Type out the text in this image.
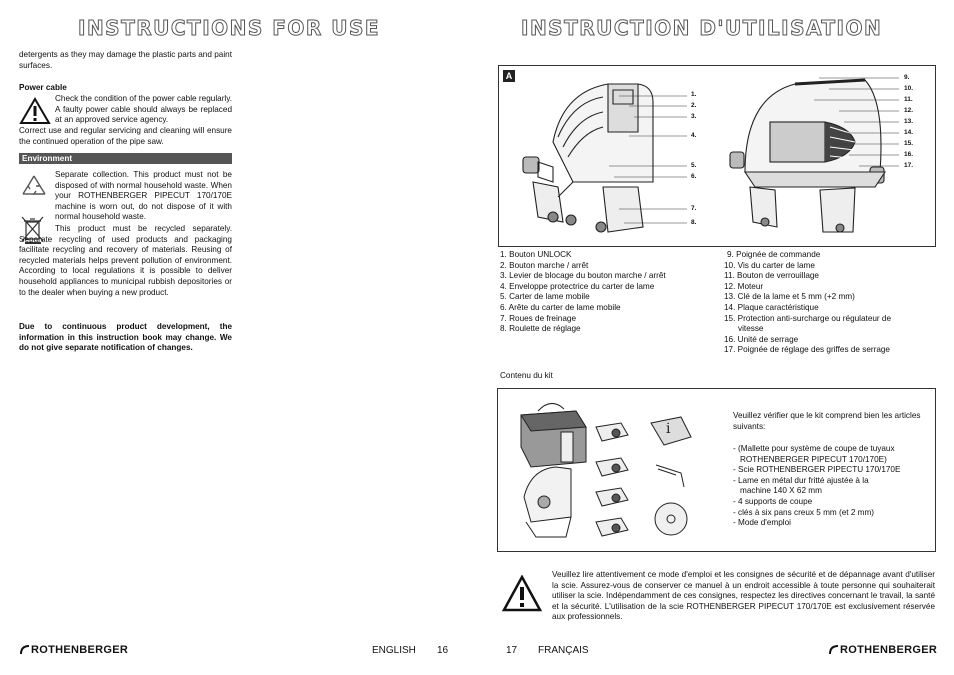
INSTRUCTIONS FOR USE
detergents as they may damage the plastic parts and paint surfaces.
Power cable
Check the condition of the power cable regularly. A faulty power cable should always be replaced at an approved service agency.
Correct use and regular servicing and cleaning will ensure the continued operation of the pipe saw.
Environment
Separate collection. This product must not be disposed of with normal household waste. When your ROTHENBERGER PIPECUT 170/170E machine is worn out, do not dispose of it with normal household waste.
This product must be recycled separately. Separate recycling of used products and packaging facilitate recycling and recovery of materials. Reusing of recycled materials helps prevent pollution of environment. According to local regulations it is possible to deliver household appliances to municipal rubbish depositories or to the dealer when buying a new product.
Due to continuous product development, the information in this instruction book may change. We do not give separate notification of changes.
ROTHENBERGER	ENGLISH 16
INSTRUCTION D'UTILISATION
A
1.
2.
3.
4.
5.
6.
7.
8.
9.
10.
11.
12.
13.
14.
15.
16.
17.
1. Bouton UNLOCK
2. Bouton marche / arrêt
3. Levier de blocage du bouton marche / arrêt
4. Enveloppe protectrice du carter de lame
5. Carter de lame mobile
6. Arête du carter de lame mobile
7. Roues de freinage
8. Roulette de réglage
9. Poignée de commande
10. Vis du carter de lame
11. Bouton de verrouillage
12. Moteur
13. Clé de la lame et 5 mm (+2 mm)
14. Plaque caractéristique
15. Protection anti-surcharge ou régulateur de
vitesse
16. Unité de serrage
17. Poignée de réglage des griffes de serrage
Contenu du kit
i
Veuillez vérifier que le kit comprend bien les articles suivants:
- (Mallette pour système de coupe de tuyaux
ROTHENBERGER PIPECUT 170/170E)
- Scie ROTHENBERGER PIPECTU 170/170E
- Lame en métal dur fritté ajustée à la
machine 140 X 62 mm
- 4 supports de coupe
- clés à six pans creux 5 mm (et 2 mm)
- Mode d'emploi
Veuillez lire attentivement ce mode d'emploi et les consignes de sécurité et de dépannage avant d'utiliser la scie. Assurez-vous de conserver ce manuel à un endroit accessible à toute personne qui souhaiterait utiliser la scie. Indépendamment de ces consignes, respectez les directives concernant le travail, la santé et la sécurité. L'utilisation de la scie ROTHENBERGER PIPECUT 170/170E est exclusivement réservée aux professionnels.
17 FRANÇAIS	ROTHENBERGER
